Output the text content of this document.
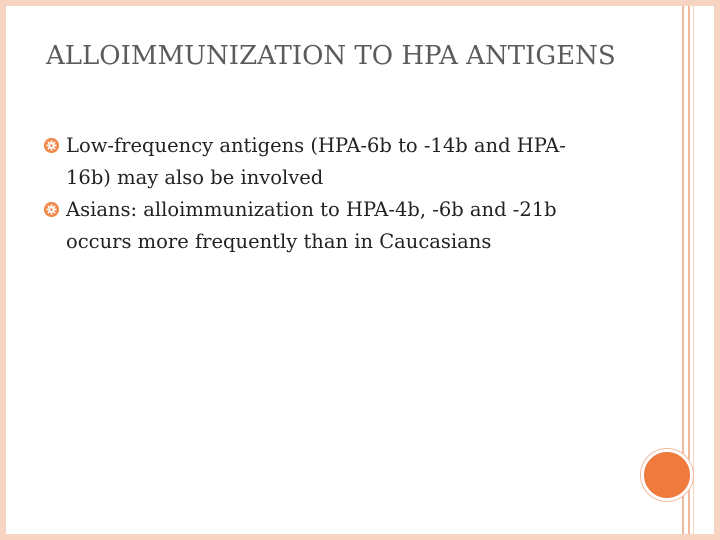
ALLOIMMUNIZATION TO HPA ANTIGENS
Low-frequency antigens (HPA-6b to -14b and HPA-16b) may also be involved
Asians: alloimmunization to HPA-4b, -6b and -21b occurs more frequently than in Caucasians
